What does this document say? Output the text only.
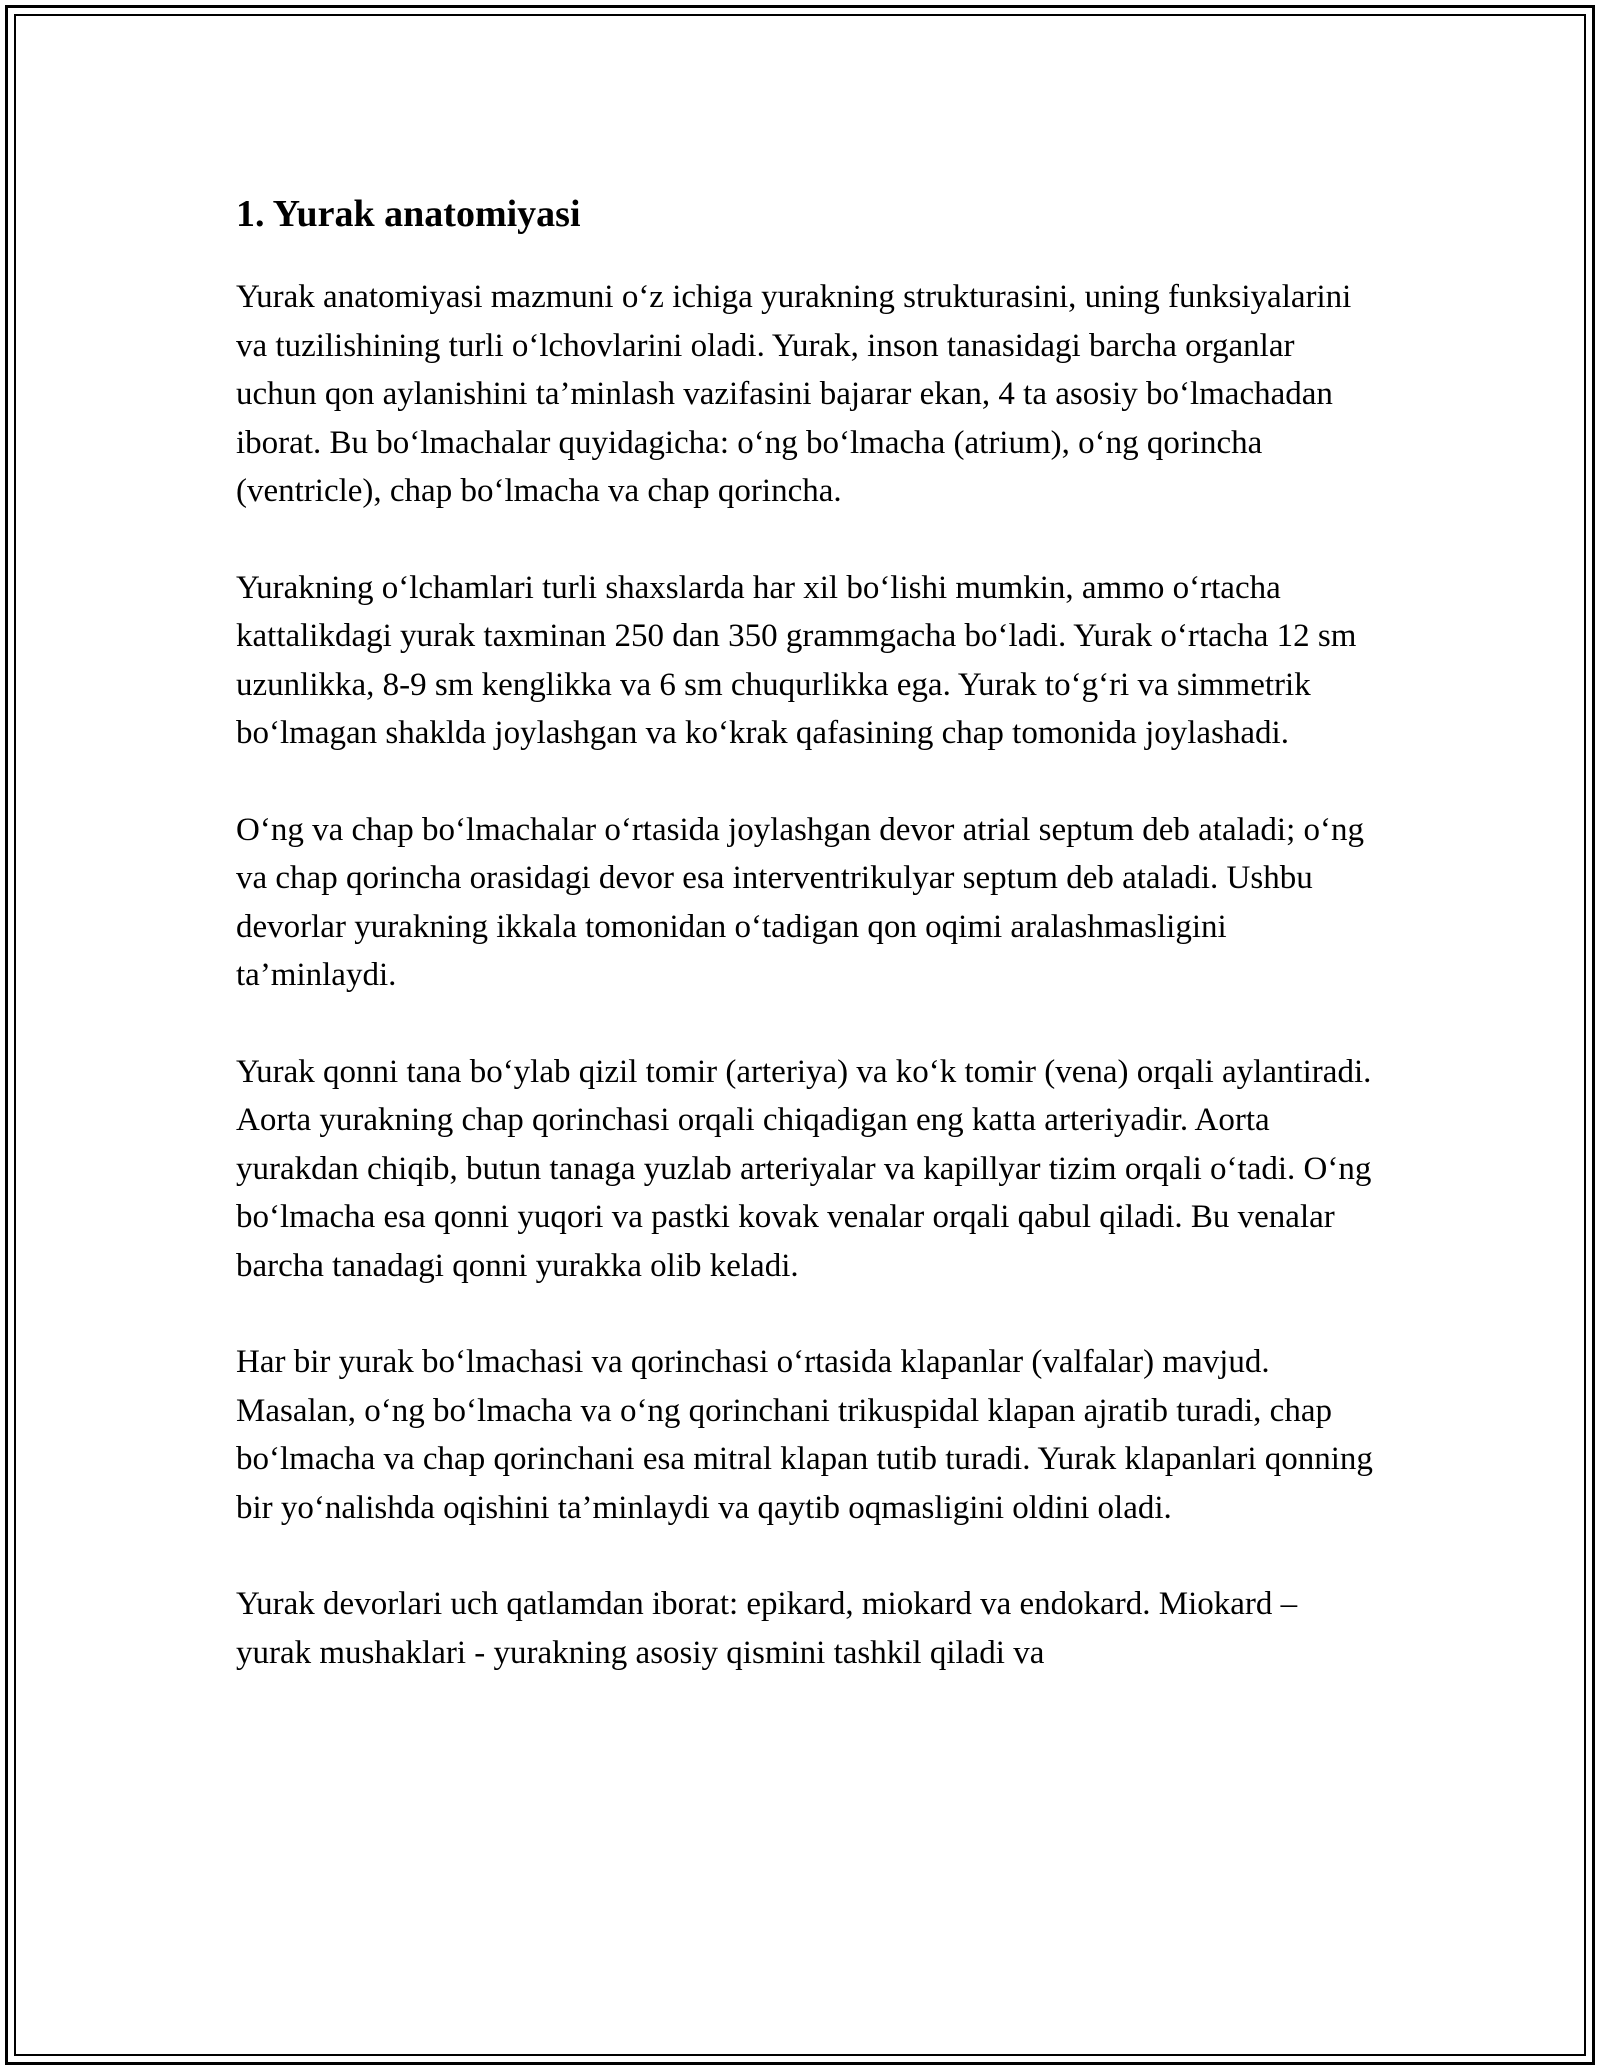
1. Yurak anatomiyasi

Yurak anatomiyasi mazmuni o‘z ichiga yurakning strukturasini, uning funksiyalarini va tuzilishining turli o‘lchovlarini oladi. Yurak, inson tanasidagi barcha organlar uchun qon aylanishini ta’minlash vazifasini bajarar ekan, 4 ta asosiy bo‘lmachadan iborat. Bu bo‘lmachalar quyidagicha: o‘ng bo‘lmacha (atrium), o‘ng qorincha (ventricle), chap bo‘lmacha va chap qorincha.

Yurakning o‘lchamlari turli shaxslarda har xil bo‘lishi mumkin, ammo o‘rtacha kattalikdagi yurak taxminan 250 dan 350 grammgacha bo‘ladi. Yurak o‘rtacha 12 sm uzunlikka, 8-9 sm kenglikka va 6 sm chuqurlikka ega. Yurak to‘g‘ri va simmetrik bo‘lmagan shaklda joylashgan va ko‘krak qafasining chap tomonida joylashadi.

O‘ng va chap bo‘lmachalar o‘rtasida joylashgan devor atrial septum deb ataladi; o‘ng va chap qorincha orasidagi devor esa interventrikulyar septum deb ataladi. Ushbu devorlar yurakning ikkala tomonidan o‘tadigan qon oqimi aralashmasligini ta’minlaydi.

Yurak qonni tana bo‘ylab qizil tomir (arteriya) va ko‘k tomir (vena) orqali aylantiradi. Aorta yurakning chap qorinchasi orqali chiqadigan eng katta arteriyadir. Aorta yurakdan chiqib, butun tanaga yuzlab arteriyalar va kapillyar tizim orqali o‘tadi. O‘ng bo‘lmacha esa qonni yuqori va pastki kovak venalar orqali qabul qiladi. Bu venalar barcha tanadagi qonni yurakka olib keladi.

Har bir yurak bo‘lmachasi va qorinchasi o‘rtasida klapanlar (valfalar) mavjud. Masalan, o‘ng bo‘lmacha va o‘ng qorinchani trikuspidal klapan ajratib turadi, chap bo‘lmacha va chap qorinchani esa mitral klapan tutib turadi. Yurak klapanlari qonning bir yo‘nalishda oqishini ta’minlaydi va qaytib oqmasligini oldini oladi.

Yurak devorlari uch qatlamdan iborat: epikard, miokard va endokard. Miokard – yurak mushaklari - yurakning asosiy qismini tashkil qiladi va
